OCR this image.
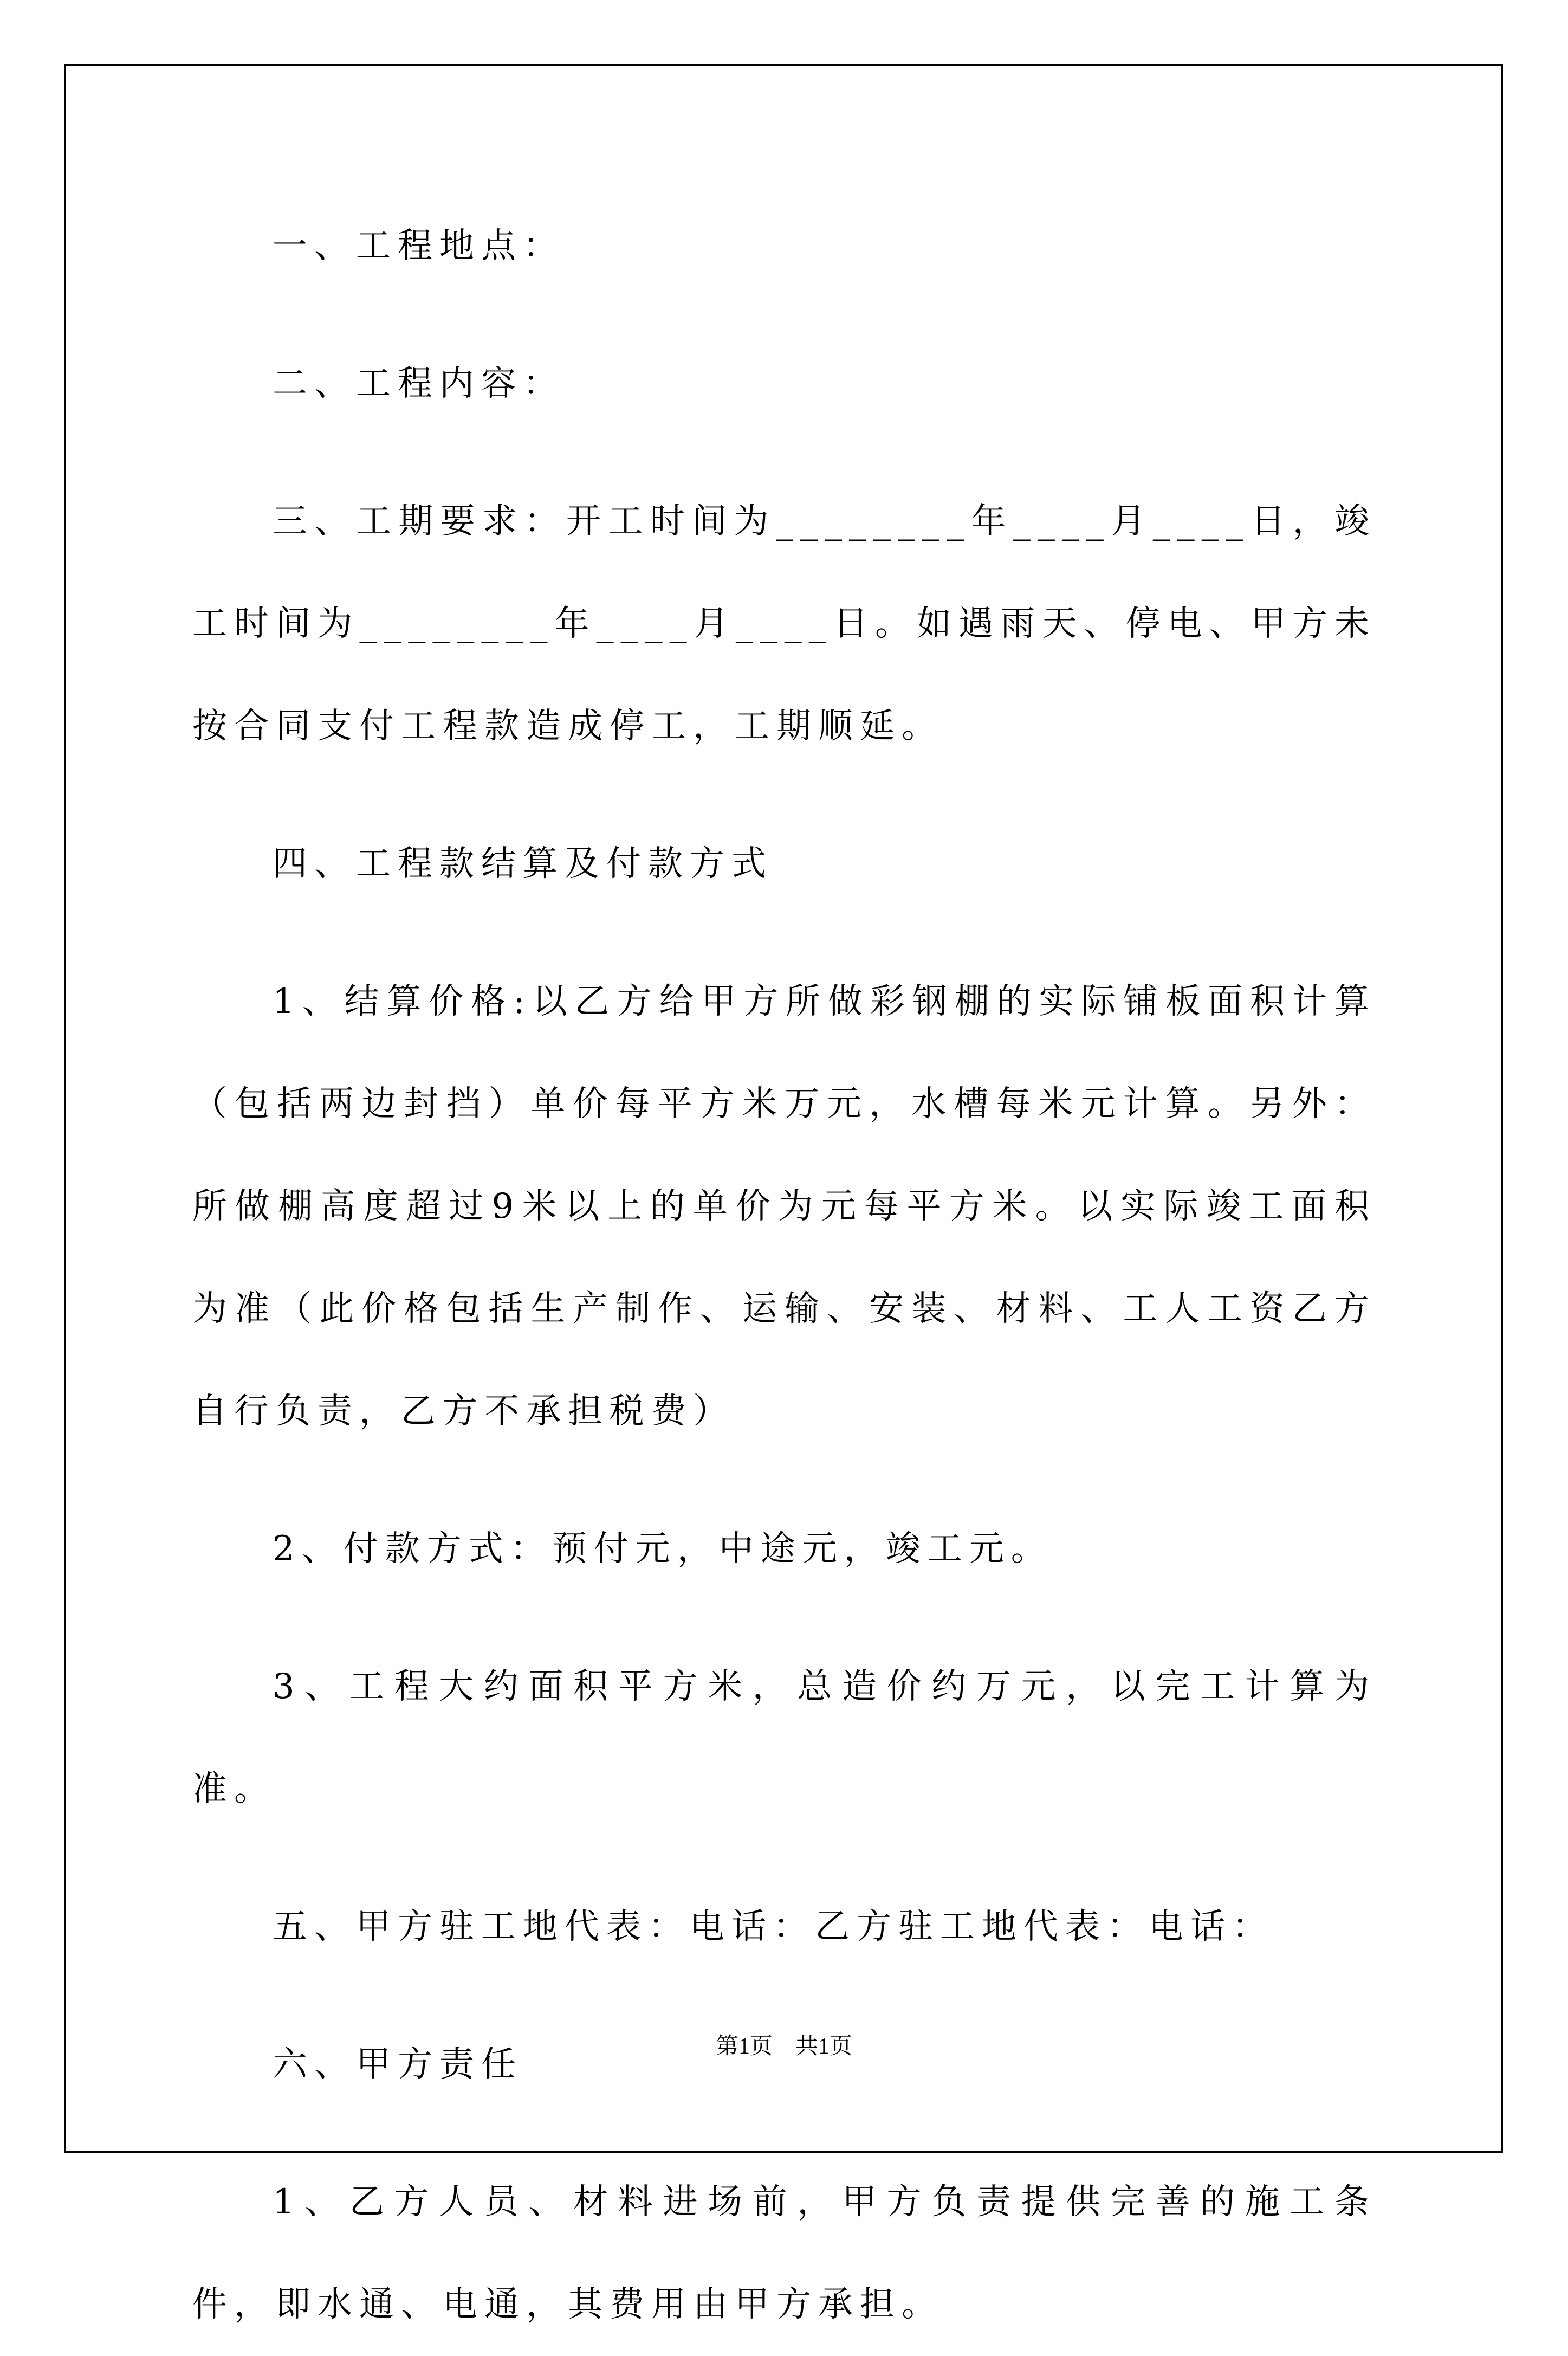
一、工程地点：

二、工程内容：

三、工期要求：开工时间为________年____月____日，竣工时间为________年____月____日。如遇雨天、停电、甲方未按合同支付工程款造成停工，工期顺延。

四、工程款结算及付款方式

1、结算价格:以乙方给甲方所做彩钢棚的实际铺板面积计算（包括两边封挡）单价每平方米万元，水槽每米元计算。另外：所做棚高度超过9米以上的单价为元每平方米。以实际竣工面积为准（此价格包括生产制作、运输、安装、材料、工人工资乙方自行负责，乙方不承担税费）

2、付款方式：预付元，中途元，竣工元。

3、工程大约面积平方米，总造价约万元，以完工计算为准。

五、甲方驻工地代表：电话：乙方驻工地代表：电话：

六、甲方责任

1、乙方人员、材料进场前，甲方负责提供完善的施工条件，即水通、电通，其费用由甲方承担。

第1页　共1页
